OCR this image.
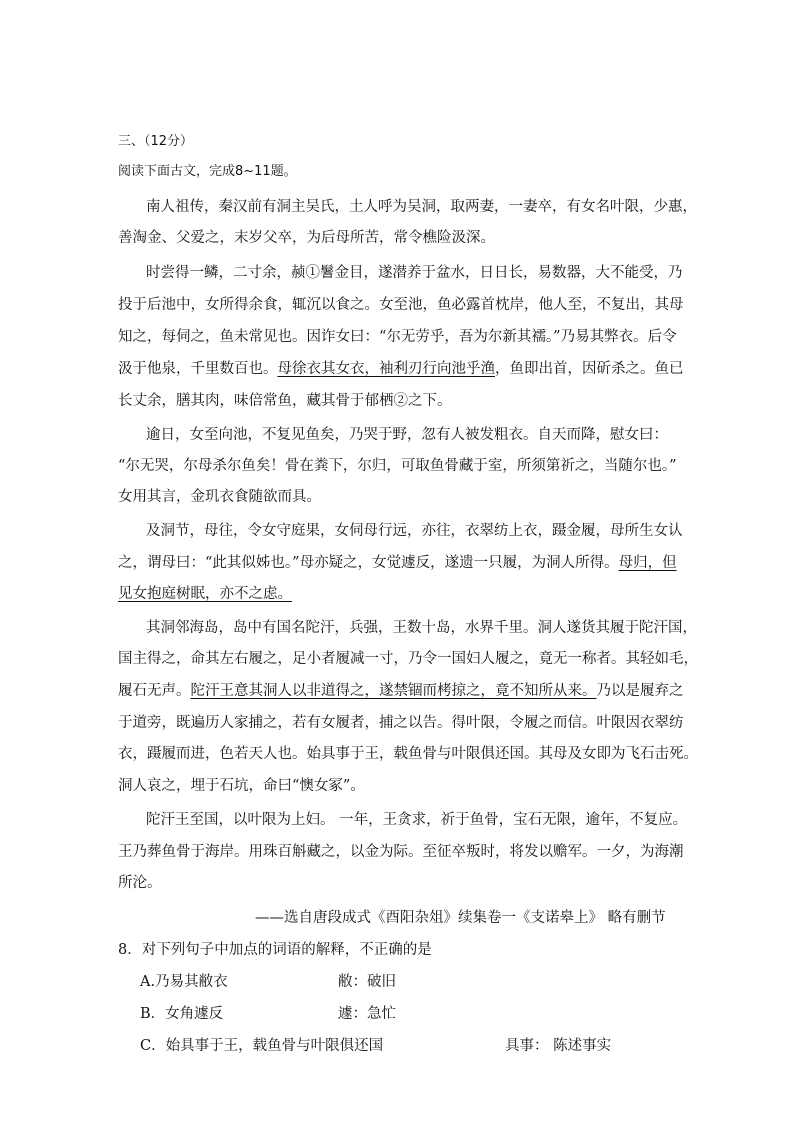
三、（12分）
阅读下面古文，完成8~11题。
南人祖传，秦汉前有洞主吴氏，土人呼为吴洞，取两妻，一妻卒，有女名叶限，少惠，
善淘金、父爱之，末岁父卒，为后母所苦，常令樵险汲深。
时尝得一鳞，二寸余，赪①鬐金目，遂潜养于盆水，日日长，易数器，大不能受，乃
投于后池中，女所得余食，辄沉以食之。女至池，鱼必露首枕岸，他人至，不复出，其母
知之，每伺之，鱼未常见也。因诈女曰：“尔无劳乎，吾为尔新其襦。”乃易其弊衣。后令
汲于他泉，千里数百也。母徐衣其女衣，袖利刃行向池乎渔，鱼即出首，因斫杀之。鱼已
长丈余，膳其肉，味倍常鱼，藏其骨于郁栖②之下。
逾日，女至向池，不复见鱼矣，乃哭于野，忽有人被发粗衣。自天而降，慰女曰：
“尔无哭，尔母杀尔鱼矣！骨在粪下，尔归，可取鱼骨藏于室，所须第祈之，当随尔也。”
女用其言，金玑衣食随欲而具。
及洞节，母往，令女守庭果，女伺母行远，亦往，衣翠纺上衣，蹑金履，母所生女认
之，谓母曰：“此其似姊也。”母亦疑之，女觉遽反，遂遗一只履，为洞人所得。母归，但
见女抱庭树眠，亦不之虑。
其洞邻海岛，岛中有国名陀汗，兵强，王数十岛，水界千里。洞人遂货其履于陀汗国，
国主得之，命其左右履之，足小者履减一寸，乃令一国妇人履之，竟无一称者。其轻如毛，
履石无声。陀汗王意其洞人以非道得之，遂禁锢而栲掠之，竟不知所从来。乃以是履弃之
于道旁，既遍历人家捕之，若有女履者，捕之以告。得叶限，令履之而信。叶限因衣翠纺
衣，蹑履而进，色若天人也。始具事于王，载鱼骨与叶限俱还国。其母及女即为飞石击死。
洞人哀之，埋于石坑，命曰“懊女冢”。
陀汗王至国，以叶限为上妇。 一年，王贪求，祈于鱼骨，宝石无限，逾年，不复应。
王乃葬鱼骨于海岸。用珠百斛藏之，以金为际。至征卒叛时，将发以赡军。一夕，为海潮
所沦。
——选自唐段成式《酉阳杂俎》续集卷一《支诺皋上》 略有删节
8．对下列句子中加点的词语的解释，不正确的是
A.乃易其敝衣	敝：破旧
B．女角遽反	遽：急忙
C．始具事于王，载鱼骨与叶限俱还国	具事： 陈述事实
